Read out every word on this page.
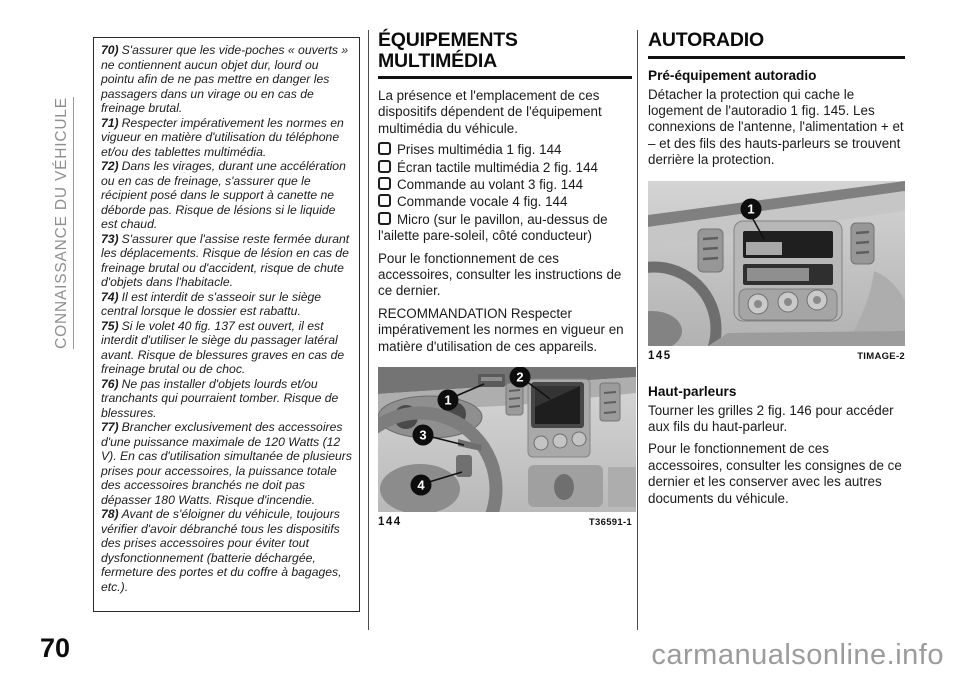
CONNAISSANCE DU VÉHICULE

70) S'assurer que les vide-poches « ouverts » ne contiennent aucun objet dur, lourd ou pointu afin de ne pas mettre en danger les passagers dans un virage ou en cas de freinage brutal.

71) Respecter impérativement les normes en vigueur en matière d'utilisation du téléphone et/ou des tablettes multimédia.

72) Dans les virages, durant une accélération ou en cas de freinage, s'assurer que le récipient posé dans le support à canette ne déborde pas. Risque de lésions si le liquide est chaud.

73) S'assurer que l'assise reste fermée durant les déplacements. Risque de lésion en cas de freinage brutal ou d'accident, risque de chute d'objets dans l'habitacle.

74) Il est interdit de s'asseoir sur le siège central lorsque le dossier est rabattu.

75) Si le volet 40 fig. 137 est ouvert, il est interdit d'utiliser le siège du passager latéral avant. Risque de blessures graves en cas de freinage brutal ou de choc.

76) Ne pas installer d'objets lourds et/ou tranchants qui pourraient tomber. Risque de blessures.

77) Brancher exclusivement des accessoires d'une puissance maximale de 120 Watts (12 V). En cas d'utilisation simultanée de plusieurs prises pour accessoires, la puissance totale des accessoires branchés ne doit pas dépasser 180 Watts. Risque d'incendie.

78) Avant de s'éloigner du véhicule, toujours vérifier d'avoir débranché tous les dispositifs des prises accessoires pour éviter tout dysfonctionnement (batterie déchargée, fermeture des portes et du coffre à bagages, etc.).

ÉQUIPEMENTS MULTIMÉDIA

La présence et l'emplacement de ces dispositifs dépendent de l'équipement multimédia du véhicule.

Prises multimédia 1 fig. 144
Écran tactile multimédia 2 fig. 144
Commande au volant 3 fig. 144
Commande vocale 4 fig. 144
Micro (sur le pavillon, au-dessus de l'ailette pare-soleil, côté conducteur)

Pour le fonctionnement de ces accessoires, consulter les instructions de ce dernier.

RECOMMANDATION Respecter impérativement les normes en vigueur en matière d'utilisation de ces appareils.

1
2
3
4
144	T36591-1
AUTORADIO
Pré-équipement autoradio

Détacher la protection qui cache le logement de l'autoradio 1 fig. 145. Les connexions de l'antenne, l'alimentation + et – et des fils des hauts-parleurs se trouvent derrière la protection.

1
145	TIMAGE-2
Haut-parleurs

Tourner les grilles 2 fig. 146 pour accéder aux fils du haut-parleur.

Pour le fonctionnement de ces accessoires, consulter les consignes de ce dernier et les conserver avec les autres documents du véhicule.

70	carmanualsonline.info
